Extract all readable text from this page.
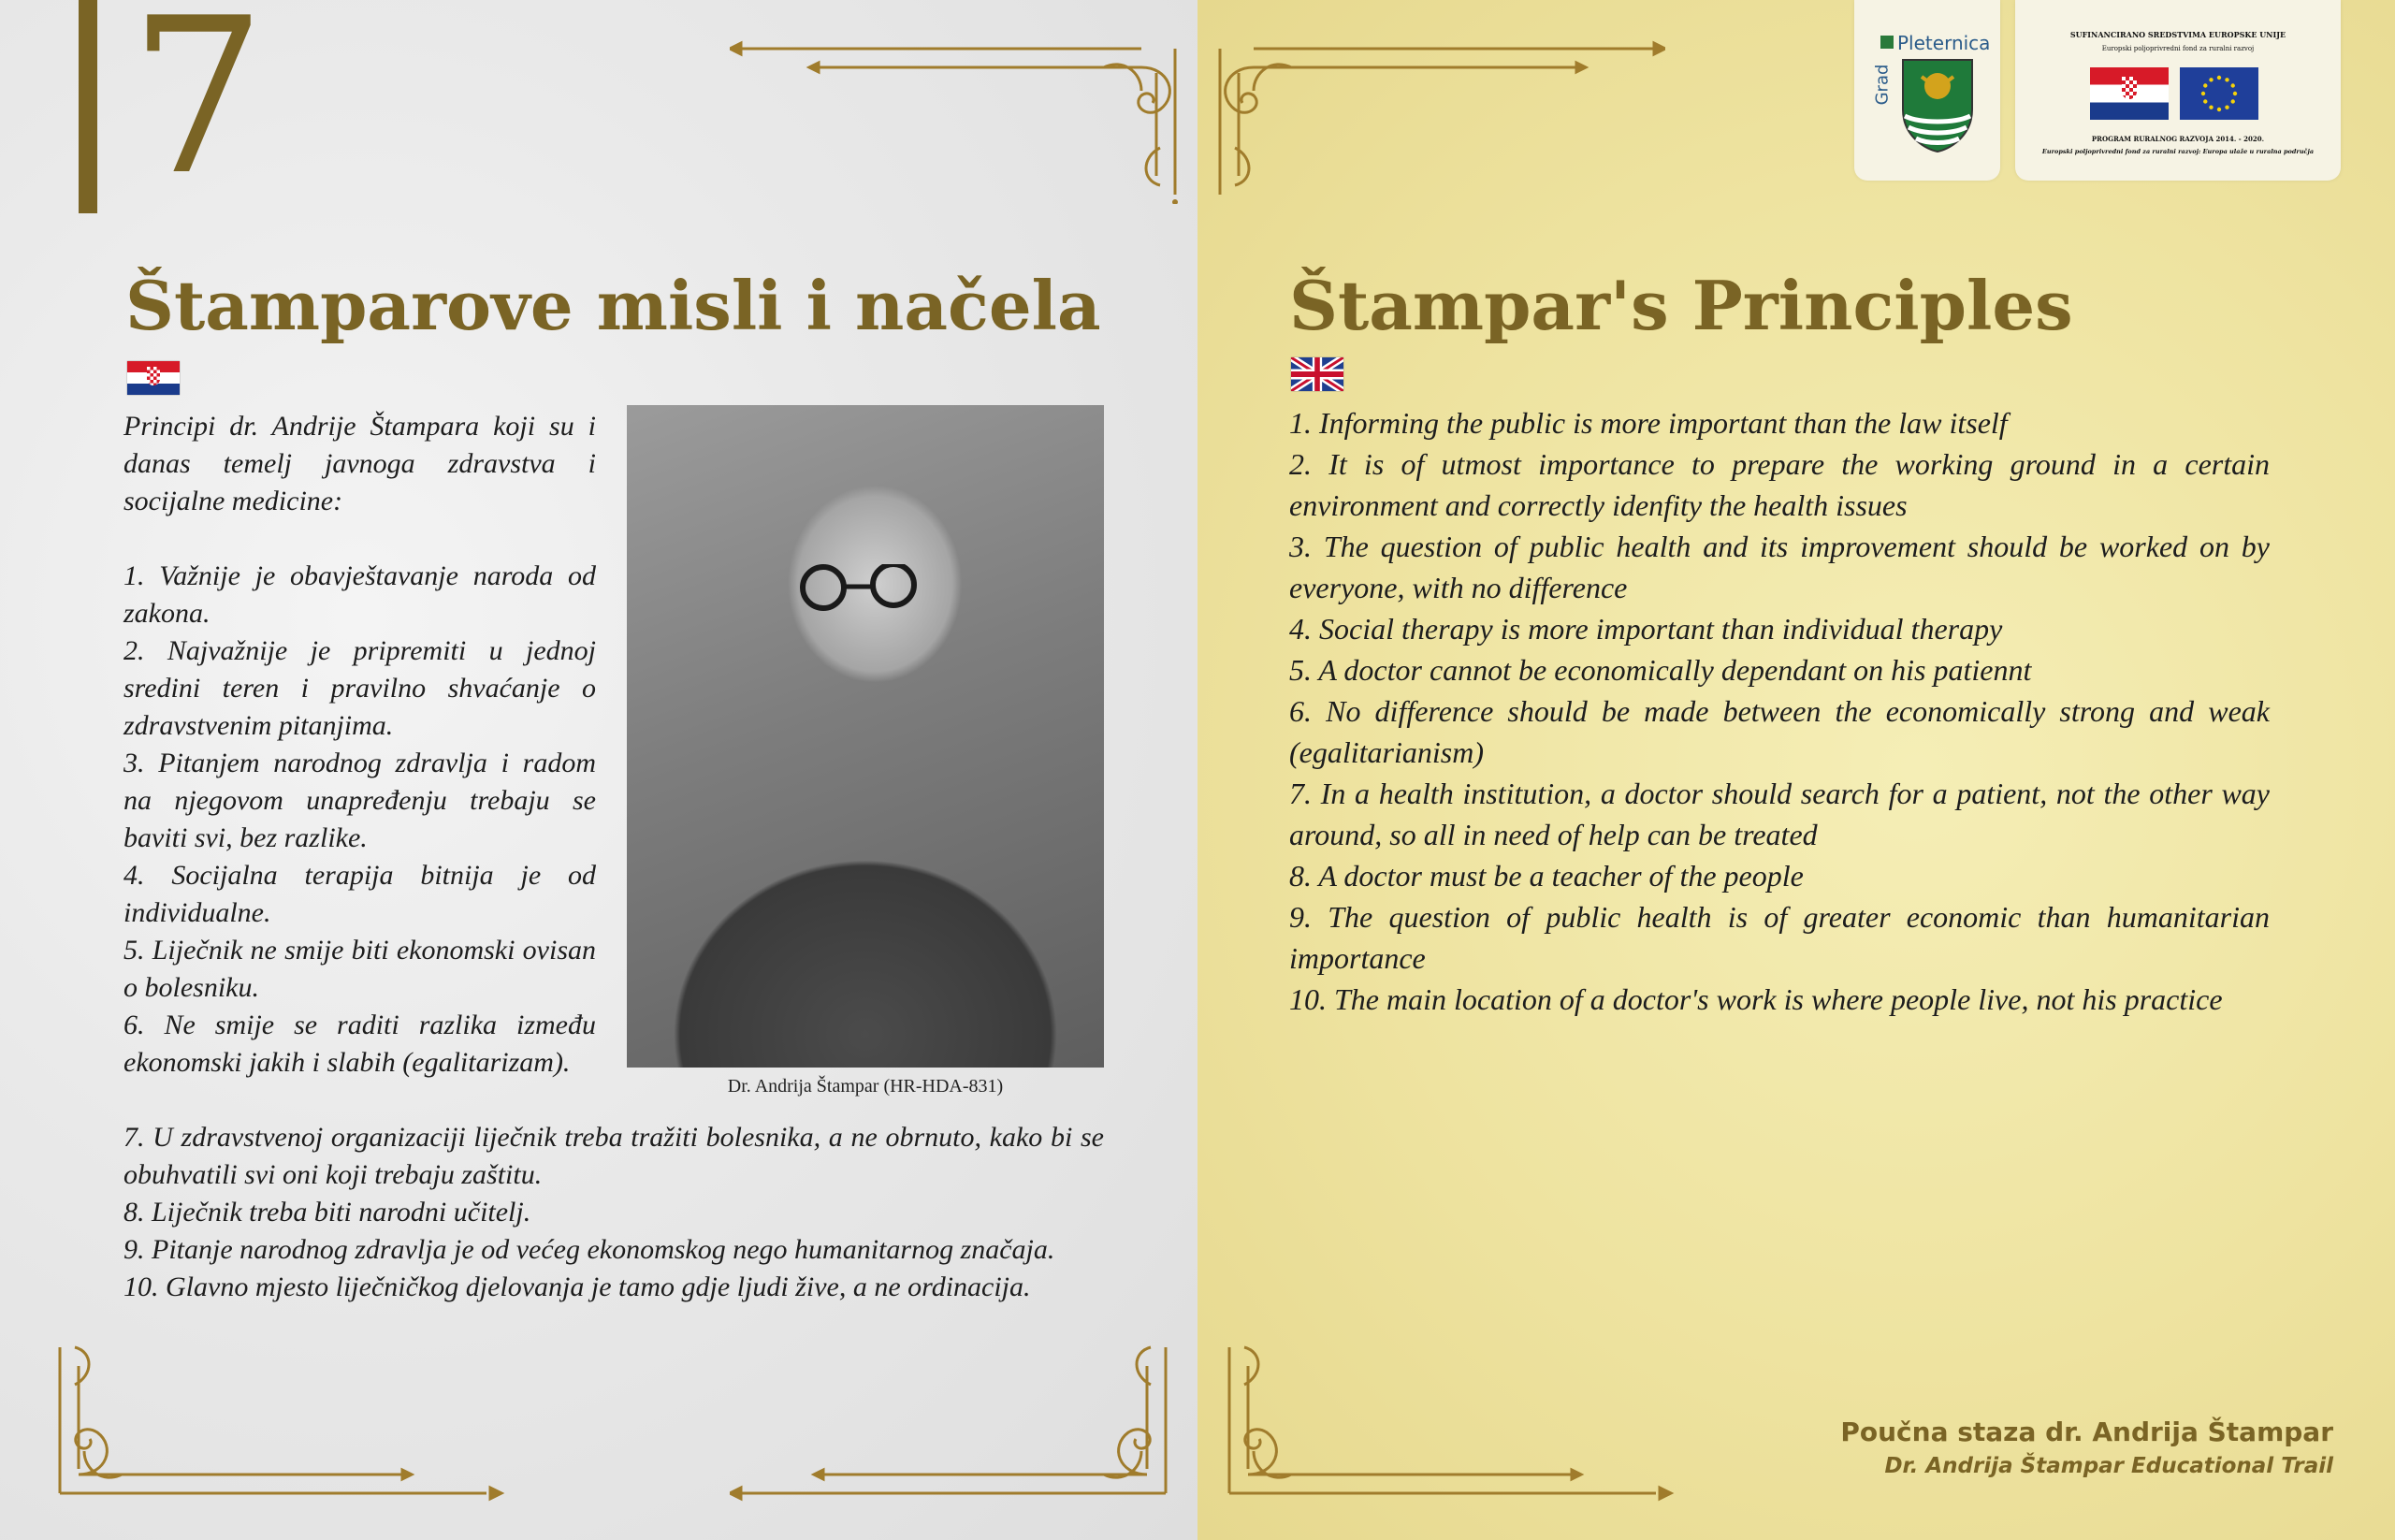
7
Štamparove misli i načela

Principi dr. Andrije Štampara koji su i danas temelj javnoga zdravstva i socijalne medicine:

1. Važnije je obavještavanje naroda od zakona.

2. Najvažnije je pripremiti u jednoj sredini teren i pravilno shvaćanje o zdravstvenim pitanjima.

3. Pitanjem narodnog zdravlja i radom na njegovom unapređenju trebaju se baviti svi, bez razlike.

4. Socijalna terapija bitnija je od individualne.

5. Liječnik ne smije biti ekonomski ovisan o bolesniku.

6. Ne smije se raditi razlika između ekonomski jakih i slabih (egalitarizam).

7. U zdravstvenoj organizaciji liječnik treba tražiti bolesnika, a ne obrnuto, kako bi se obuhvatili svi oni koji trebaju zaštitu.

8. Liječnik treba biti narodni učitelj.

9. Pitanje narodnog zdravlja je od većeg ekonomskog nego humanitarnog značaja.

10. Glavno mjesto liječničkog djelovanja je tamo gdje ljudi žive, a ne ordinacija.

Dr. Andrija Štampar (HR-HDA-831)
Štampar's Principles

1. Informing the public is more important than the law itself

2. It is of utmost importance to prepare the working ground in a certain environment and correctly idenfity the health issues

3. The question of public health and its improvement should be worked on by everyone, with no difference

4. Social therapy is more important than individual therapy

5. A doctor cannot be economically dependant on his patiennt

6. No difference should be made between the economically strong and weak (egalitarianism)

7. In a health institution, a doctor should search for a patient, not the other way around, so all in need of help can be treated

8. A doctor must be a teacher of the people

9. The question of public health is of greater economic than humanitarian importance

10. The main location of a doctor's work is where people live, not his practice

Pleternica
Grad
SUFINANCIRANO SREDSTVIMA EUROPSKE UNIJE
Europski poljoprivredni fond za ruralni razvoj
PROGRAM RURALNOG RAZVOJA 2014. - 2020.
Europski poljoprivredni fond za ruralni razvoj: Europa ulaže u ruralna područja
Poučna staza dr. Andrija Štampar
Dr. Andrija Štampar Educational Trail
